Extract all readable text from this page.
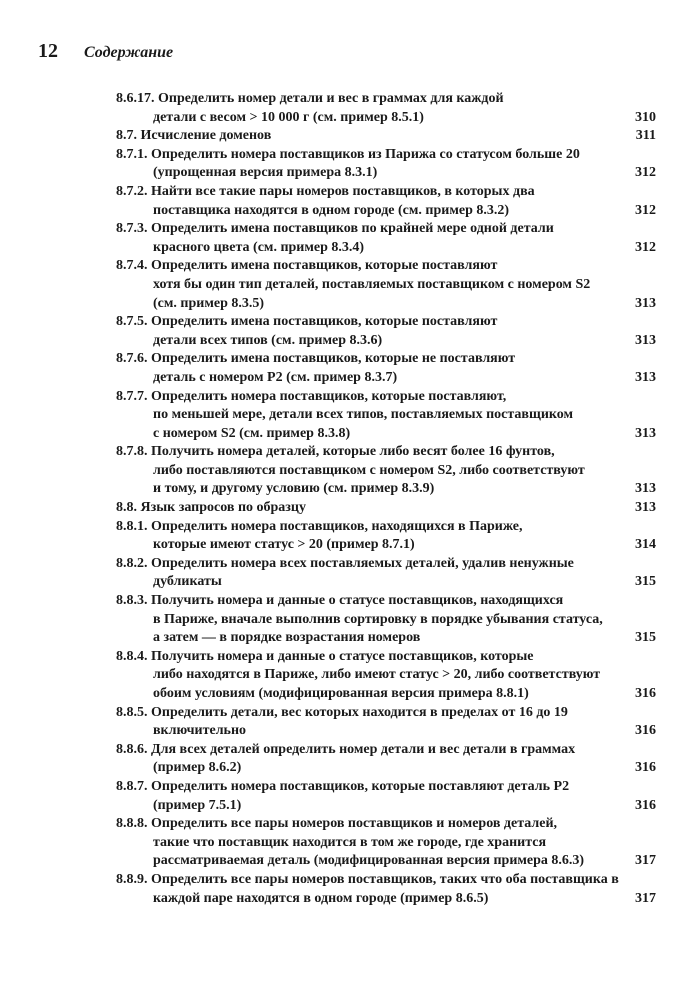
12 Содержание
8.6.17. Определить номер детали и вес в граммах для каждой
детали с весом > 10 000 г (см. пример 8.5.1)	310
8.7. Исчисление доменов	311
8.7.1. Определить номера поставщиков из Парижа со статусом больше 20
(упрощенная версия примера 8.3.1)	312
8.7.2. Найти все такие пары номеров поставщиков, в которых два
поставщика находятся в одном городе (см. пример 8.3.2)	312
8.7.3. Определить имена поставщиков по крайней мере одной детали
красного цвета (см. пример 8.3.4)	312
8.7.4. Определить имена поставщиков, которые поставляют
хотя бы один тип деталей, поставляемых поставщиком с номером S2
(см. пример 8.3.5)	313
8.7.5. Определить имена поставщиков, которые поставляют
детали всех типов (см. пример 8.3.6)	313
8.7.6. Определить имена поставщиков, которые не поставляют
деталь с номером P2 (см. пример 8.3.7)	313
8.7.7. Определить номера поставщиков, которые поставляют,
по меньшей мере, детали всех типов, поставляемых поставщиком
с номером S2 (см. пример 8.3.8)	313
8.7.8. Получить номера деталей, которые либо весят более 16 фунтов,
либо поставляются поставщиком с номером S2, либо соответствуют
и тому, и другому условию (см. пример 8.3.9)	313
8.8. Язык запросов по образцу	313
8.8.1. Определить номера поставщиков, находящихся в Париже,
которые имеют статус > 20 (пример 8.7.1)	314
8.8.2. Определить номера всех поставляемых деталей, удалив ненужные
дубликаты	315
8.8.3. Получить номера и данные о статусе поставщиков, находящихся
в Париже, вначале выполнив сортировку в порядке убывания статуса,
а затем — в порядке возрастания номеров	315
8.8.4. Получить номера и данные о статусе поставщиков, которые
либо находятся в Париже, либо имеют статус > 20, либо соответствуют
обоим условиям (модифицированная версия примера 8.8.1)	316
8.8.5. Определить детали, вес которых находится в пределах от 16 до 19
включительно	316
8.8.6. Для всех деталей определить номер детали и вес детали в граммах
(пример 8.6.2)	316
8.8.7. Определить номера поставщиков, которые поставляют деталь P2
(пример 7.5.1)	316
8.8.8. Определить все пары номеров поставщиков и номеров деталей,
такие что поставщик находится в том же городе, где хранится
рассматриваемая деталь (модифицированная версия примера 8.6.3)	317
8.8.9. Определить все пары номеров поставщиков, таких что оба поставщика в
каждой паре находятся в одном городе (пример 8.6.5)	317
